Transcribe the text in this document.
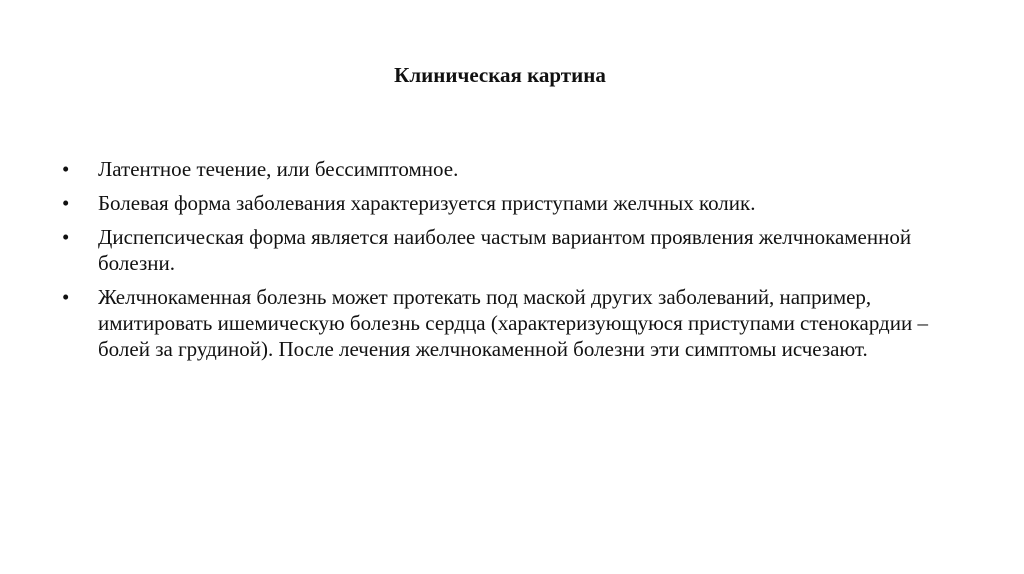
Клиническая картина
•	Латентное течение, или бессимптомное.
•	Болевая форма заболевания характеризуется приступами желчных колик.
•	Диспепсическая форма является наиболее частым вариантом проявления желчнокаменной болезни.
•	Желчнокаменная болезнь может протекать под маской других заболеваний, например, имитировать ишемическую болезнь сердца (характеризующуюся приступами стенокардии – болей за грудиной). После лечения желчнокаменной болезни эти симптомы исчезают.
